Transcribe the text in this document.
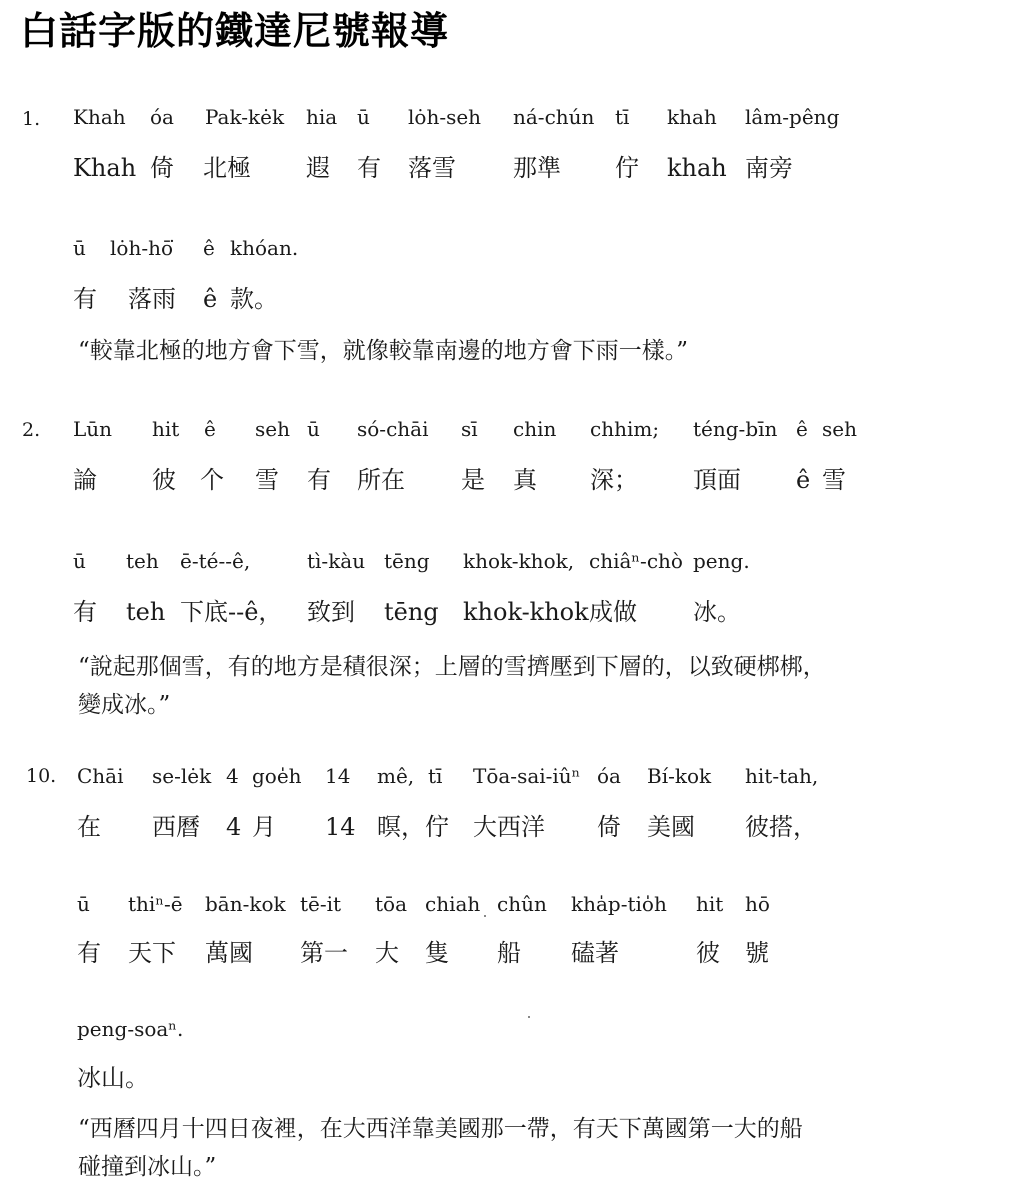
白話字版的鐵達尼號報導
1. Khah óa Pak-kėk hia ū lȯh-seh ná-chún tī khah lâm-pêng
Khah 倚 北極 遐 有 落雪 那準 佇 khah 南旁
ū lȯh-hō͘ ê khóan.
有 落雨 ê 款。
“較靠北極的地方會下雪，就像較靠南邊的地方會下雨一樣。”
2. Lūn hit ê seh ū só-chāi sī chin chhim; téng-bīn ê seh
論 彼 个 雪 有 所在 是 真 深； 頂面 ê 雪
ū teh ē-té--ê,	tì-kàu tēng khok-khok, chiâⁿ-chò peng.
有 teh 下底--ê， 致到 tēng khok-khok 成做 冰。
“說起那個雪，有的地方是積很深；上層的雪擠壓到下層的，以致硬梆梆，
變成冰。”
10. Chāi se-lėk 4 goe̍h 14 mê, tī Tōa-sai-iûⁿ óa Bí-kok hit-tah,
在 西曆 4 月 14 暝，佇 大西洋 倚 美國 彼搭，
ū thiⁿ-ē bān-kok tē-it tōa chiah chûn kha̍p-tio̍h hit hō
有 天下 萬國 第一 大 隻 船 磕著	彼 號
peng-soaⁿ.
冰山。
“西曆四月十四日夜裡，在大西洋靠美國那一帶，有天下萬國第一大的船
碰撞到冰山。”
